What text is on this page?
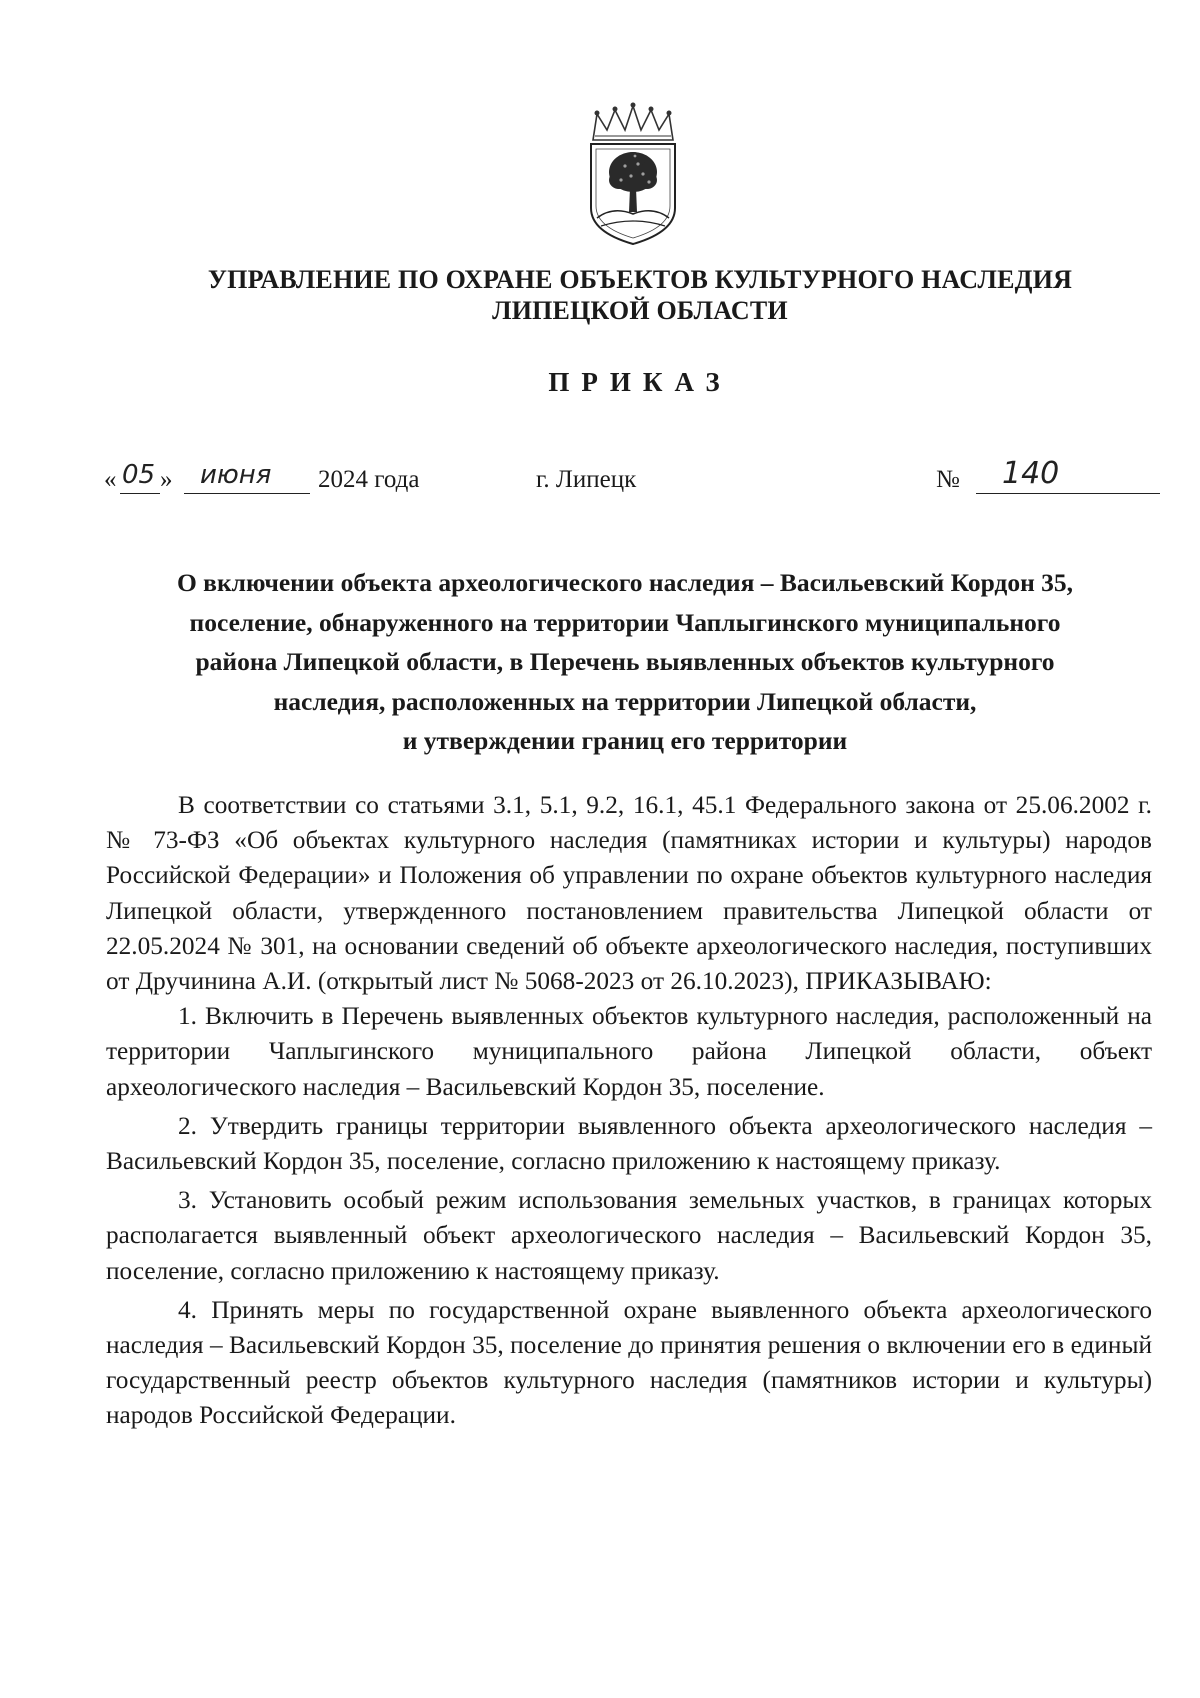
УПРАВЛЕНИЕ ПО ОХРАНЕ ОБЪЕКТОВ КУЛЬТУРНОГО НАСЛЕДИЯ
ЛИПЕЦКОЙ ОБЛАСТИ
ПРИКАЗ
« 05 » июня 2024 года	г. Липецк	№ 140
О включении объекта археологического наследия – Васильевский Кордон 35,
поселение, обнаруженного на территории Чаплыгинского муниципального
района Липецкой области, в Перечень выявленных объектов культурного
наследия, расположенных на территории Липецкой области,
и утверждении границ его территории

В соответствии со статьями 3.1, 5.1, 9.2, 16.1, 45.1 Федерального закона от 25.06.2002 г. № 73-ФЗ «Об объектах культурного наследия (памятниках истории и культуры) народов Российской Федерации» и Положения об управлении по охране объектов культурного наследия Липецкой области, утвержденного постановлением правительства Липецкой области от 22.05.2024 № 301, на основании сведений об объекте археологического наследия, поступивших от Дручинина А.И. (открытый лист № 5068-2023 от 26.10.2023), ПРИКАЗЫВАЮ:

1. Включить в Перечень выявленных объектов культурного наследия, расположенный на территории Чаплыгинского муниципального района Липецкой области, объект археологического наследия – Васильевский Кордон 35, поселение.

2. Утвердить границы территории выявленного объекта археологического наследия – Васильевский Кордон 35, поселение, согласно приложению к настоящему приказу.

3. Установить особый режим использования земельных участков, в границах которых располагается выявленный объект археологического наследия – Васильевский Кордон 35, поселение, согласно приложению к настоящему приказу.

4. Принять меры по государственной охране выявленного объекта археологического наследия – Васильевский Кордон 35, поселение до принятия решения о включении его в единый государственный реестр объектов культурного наследия (памятников истории и культуры) народов Российской Федерации.
